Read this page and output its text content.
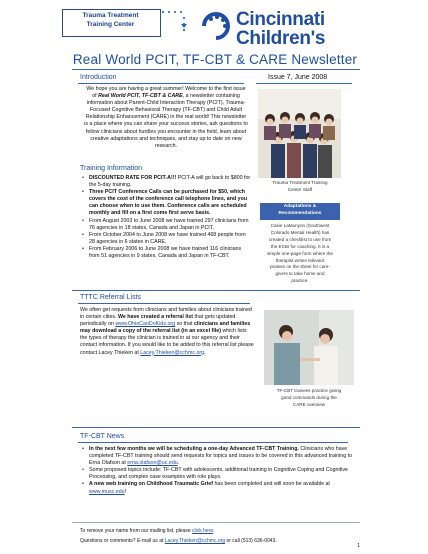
Trauma Treatment
Training Center	Cincinnati
Children's
Real World PCIT, TF-CBT & CARE Newsletter
Introduction	Issue 7, June 2008
We hope you are having a great summer! Welcome to the first issue of Real World PCIT, TF-CBT & CARE, a newsletter containing information about Parent-Child Interaction Therapy (PCIT), Trauma-Focused Cognitive Behavioral Therapy (TF-CBT) and Child Adult Relationship Enhancement (CARE) in the real world! This newsletter is a place where you can share your success stories, ask questions to fellow clinicians about hurdles you encounter in the field, learn about creative adaptations and techniques, and stay up to date on new research.
Training Information
• DISCOUNTED RATE FOR PCIT-A!!! PCIT-A will go back to $800 for the 5-day training.
• Three PCIT Conference Calls can be purchased for $50, which covers the cost of the conference call telephone lines, and you can choose when to use them. Conference calls are scheduled monthly and fill on a first come first serve basis.
• From August 2003 to June 2008 we have trained 297 clinicians from 76 agencies in 18 states, Canada and Japan in PCIT.
• From October 2004 to June 2008 we have trained 468 people from 28 agencies in 6 states in CARE.
• From February 2006 to June 2008 we have trained 116 clinicians from 51 agencies in 9 states, Canada and Japan in TF-CBT.
Trauma Treatment Training
Center Staff
Adaptations &
Recommendations
Casie LaMunyon (Southwest
Colorado Mental Health) has
created a checklist to use from
the ECBI for coaching. It is a
simple one-page form where the
therapist writes relevant
praises on the sheet for care-
givers to take home and
practice.
TTTC Referral Lists
We often get requests from clinicians and families about clinicians trained in certain cities. We have created a referral list that gets updated periodically on www.OhioCanDoKids.org so that clinicians and families may download a copy of the referral list (in an excel file) which lists the types of therapy the clinician is trained in at our agency and their contact information. If you would like to be added to this referral list please contact Lacey Thieken at Lacey.Thieken@cchmc.org.
TF-CBT trainees practice giving
good commands during the
CARE overview
TF-CBT News
• In the next few months we will be scheduling a one-day Advanced TF-CBT Training. Clinicians who have completed TF-CBT training should send requests for topics and issues to be covered in this advanced training to Erna Olafson at erna.olafson@uc.edu.
• Some proposed topics include: TF-CBT with adolescents, additional training in Cognitive Coping and Cognitive Processing, and complex case examples with role plays.
• A new web training on Childhood Traumatic Grief has been completed and will soon be available at www.musc.edu!
To remove your name from our mailing list, please click here.
Questions or comments? E-mail us at Lacey.Thieken@cchmc.org or call (513) 636-0043.
1
